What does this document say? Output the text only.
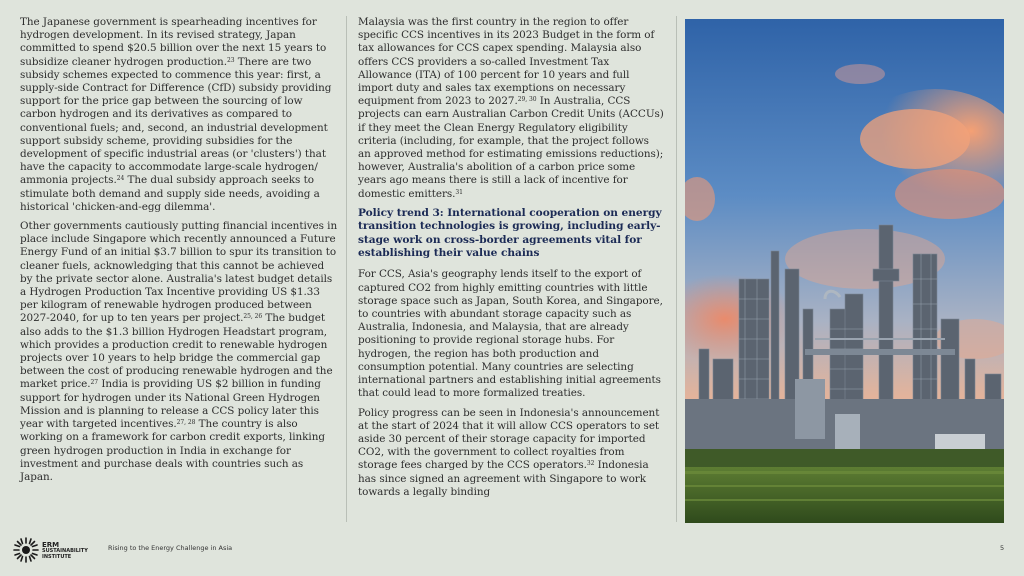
The Japanese government is spearheading incentives for hydrogen development. In its revised strategy, Japan committed to spend $20.5 billion over the next 15 years to subsidize cleaner hydrogen production.$^{23}$ There are two subsidy schemes expected to commence this year: first, a supply-side Contract for Difference (CfD) subsidy providing support for the price gap between the sourcing of low carbon hydrogen and its derivatives as compared to conventional fuels; and, second, an industrial development support subsidy scheme, providing subsidies for the development of specific industrial areas (or 'clusters') that have the capacity to accommodate large-scale hydrogen/ ammonia projects.$^{24}$ The dual subsidy approach seeks to stimulate both demand and supply side needs, avoiding a historical 'chicken-and-egg dilemma'.

Other governments cautiously putting financial incentives in place include Singapore which recently announced a Future Energy Fund of an initial $3.7 billion to spur its transition to cleaner fuels, acknowledging that this cannot be achieved by the private sector alone. Australia's latest budget details a Hydrogen Production Tax Incentive providing US $1.33 per kilogram of renewable hydrogen produced between 2027-2040, for up to ten years per project.$^{25, 26}$ The budget also adds to the $1.3 billion Hydrogen Headstart program, which provides a production credit to renewable hydrogen projects over 10 years to help bridge the commercial gap between the cost of producing renewable hydrogen and the market price.$^{27}$ India is providing US $2 billion in funding support for hydrogen under its National Green Hydrogen Mission and is planning to release a CCS policy later this year with targeted incentives.$^{27, 28}$ The country is also working on a framework for carbon credit exports, linking green hydrogen production in India in exchange for investment and purchase deals with countries such as Japan.

Malaysia was the first country in the region to offer specific CCS incentives in its 2023 Budget in the form of tax allowances for CCS capex spending. Malaysia also offers CCS providers a so-called Investment Tax Allowance (ITA) of 100 percent for 10 years and full import duty and sales tax exemptions on necessary equipment from 2023 to 2027.$^{29, 30}$ In Australia, CCS projects can earn Australian Carbon Credit Units (ACCUs) if they meet the Clean Energy Regulatory eligibility criteria (including, for example, that the project follows an approved method for estimating emissions reductions); however, Australia's abolition of a carbon price some years ago means there is still a lack of incentive for domestic emitters.$^{31}$

Policy trend 3: International cooperation on energy transition technologies is growing, including early-stage work on cross-border agreements vital for establishing their value chains

For CCS, Asia's geography lends itself to the export of captured CO2 from highly emitting countries with little storage space such as Japan, South Korea, and Singapore, to countries with abundant storage capacity such as Australia, Indonesia, and Malaysia, that are already positioning to provide regional storage hubs. For hydrogen, the region has both production and consumption potential. Many countries are selecting international partners and establishing initial agreements that could lead to more formalized treaties.

Policy progress can be seen in Indonesia's announcement at the start of 2024 that it will allow CCS operators to set aside 30 percent of their storage capacity for imported CO2, with the government to collect royalties from storage fees charged by the CCS operators.$^{32}$ Indonesia has since signed an agreement with Singapore to work towards a legally binding

ERM
SUSTAINABILITY
INSTITUTE
Rising to the Energy Challenge in Asia	5
